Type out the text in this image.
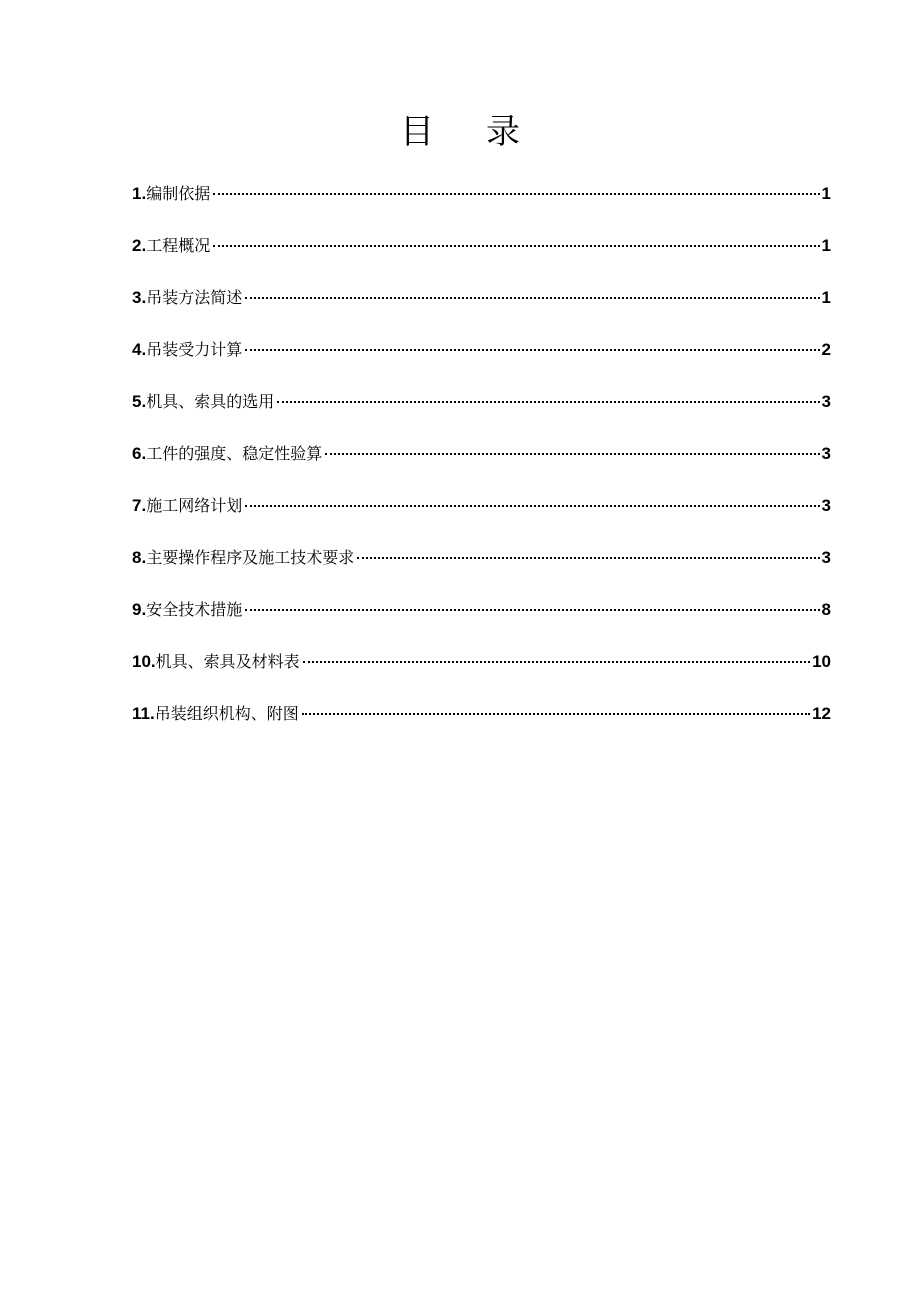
目录
1. 编制依据	1
2. 工程概况	1
3. 吊装方法简述	1
4. 吊装受力计算	2
5. 机具、索具的选用	3
6. 工件的强度、稳定性验算	3
7. 施工网络计划	3
8. 主要操作程序及施工技术要求	3
9. 安全技术措施	8
10. 机具、索具及材料表	10
11. 吊装组织机构、附图	12
